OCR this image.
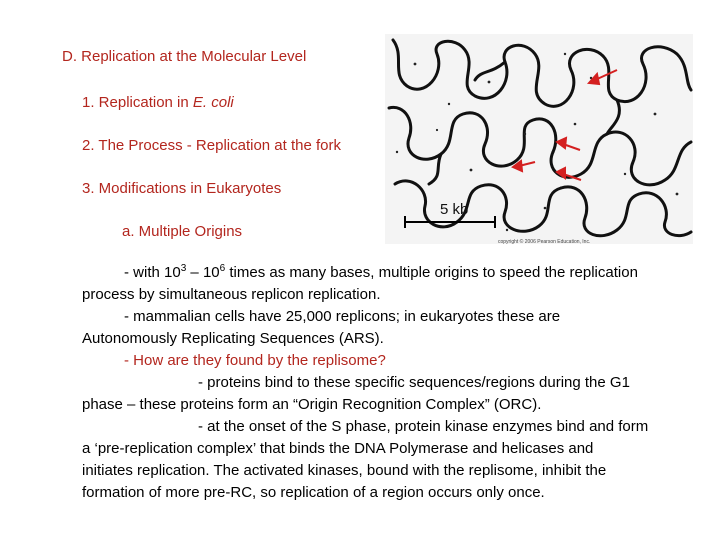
D. Replication at the Molecular Level
1. Replication in E. coli
2. The Process - Replication at the fork
3. Modifications in Eukaryotes
a. Multiple Origins
5 kb
copyright © 2006 Pearson Education, Inc.
- with $10^3 - 10^6$ times as many bases, multiple origins to speed the replication
process by simultaneous replicon replication.
- mammalian cells have 25,000 replicons; in eukaryotes these are
Autonomously Replicating Sequences (ARS).
- How are they found by the replisome?
- proteins bind to these specific sequences/regions during the G1
phase – these proteins form an “Origin Recognition Complex” (ORC).
- at the onset of the S phase, protein kinase enzymes bind and form
a ‘pre-replication complex’ that binds the DNA Polymerase and helicases and
initiates replication. The activated kinases, bound with the replisome, inhibit the
formation of more pre-RC, so replication of a region occurs only once.
